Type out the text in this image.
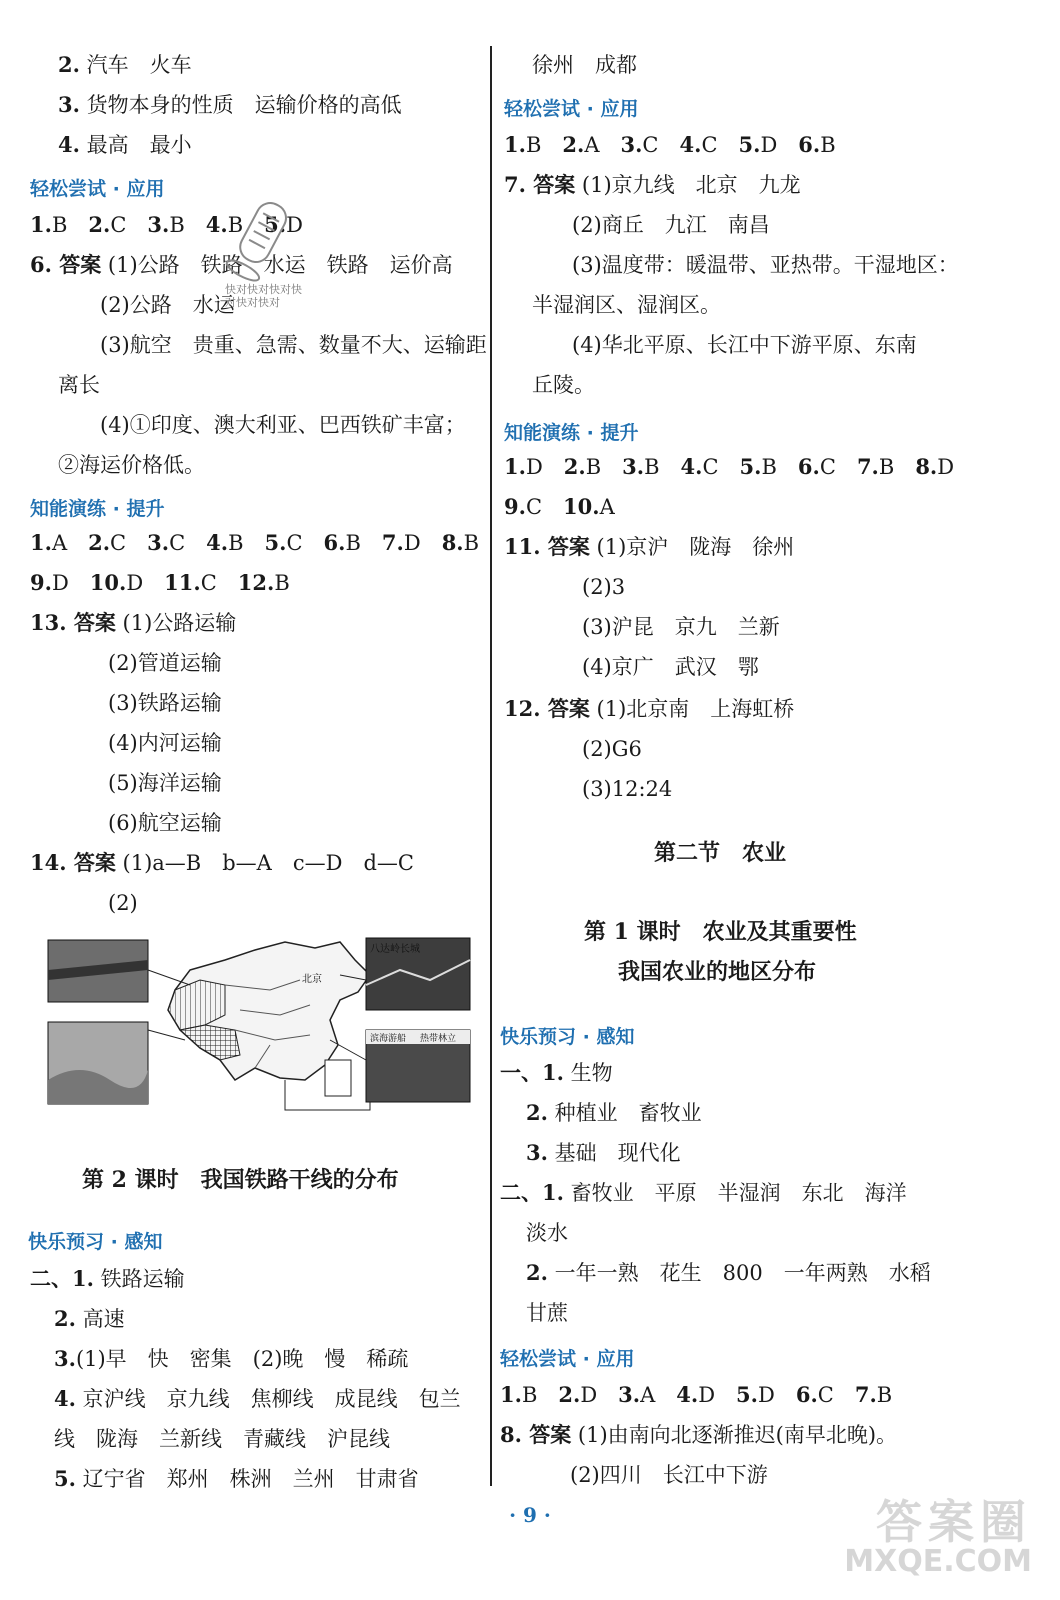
2. 汽车　火车
3. 货物本身的性质　运输价格的高低
4. 最高　最小
轻松尝试 · 应用
1.B　2.C　3.B　4.B　5.D
6. 答案 (1)公路　铁路　水运　铁路　运价高
(2)公路　水运
(3)航空　贵重、急需、数量不大、运输距
离长
(4)①印度、澳大利亚、巴西铁矿丰富；
②海运价格低。
知能演练 · 提升
1.A　2.C　3.C　4.B　5.C　6.B　7.D　8.B
9.D　10.D　11.C　12.B
13. 答案 (1)公路运输
(2)管道运输
(3)铁路运输
(4)内河运输
(5)海洋运输
(6)航空运输
14. 答案 (1)a—B　b—A　c—D　d—C
(2)
八达岭长城
滨海游船 热带林立
北京
第 2 课时　我国铁路干线的分布
快乐预习 · 感知
二、1. 铁路运输
2. 高速
3.(1)早　快　密集　(2)晚　慢　稀疏
4. 京沪线　京九线　焦柳线　成昆线　包兰
线　陇海　兰新线　青藏线　沪昆线
5. 辽宁省　郑州　株洲　兰州　甘肃省
快对快对快对快对快对快对
徐州　成都
轻松尝试 · 应用
1.B　2.A　3.C　4.C　5.D　6.B
7. 答案 (1)京九线　北京　九龙
(2)商丘　九江　南昌
(3)温度带：暖温带、亚热带。干湿地区：
半湿润区、湿润区。
(4)华北平原、长江中下游平原、东南
丘陵。
知能演练 · 提升
1.D　2.B　3.B　4.C　5.B　6.C　7.B　8.D
9.C　10.A
11. 答案 (1)京沪　陇海　徐州
(2)3
(3)沪昆　京九　兰新
(4)京广　武汉　鄂
12. 答案 (1)北京南　上海虹桥
(2)G6
(3)12:24
第二节　农业
第 1 课时　农业及其重要性
我国农业的地区分布
快乐预习 · 感知
一、1. 生物
2. 种植业　畜牧业
3. 基础　现代化
二、1. 畜牧业　平原　半湿润　东北　海洋
淡水
2. 一年一熟　花生　800　一年两熟　水稻
甘蔗
轻松尝试 · 应用
1.B　2.D　3.A　4.D　5.D　6.C　7.B
8. 答案 (1)由南向北逐渐推迟(南早北晚)。
(2)四川　长江中下游
· 9 ·	答案圈
MXQE.COM
